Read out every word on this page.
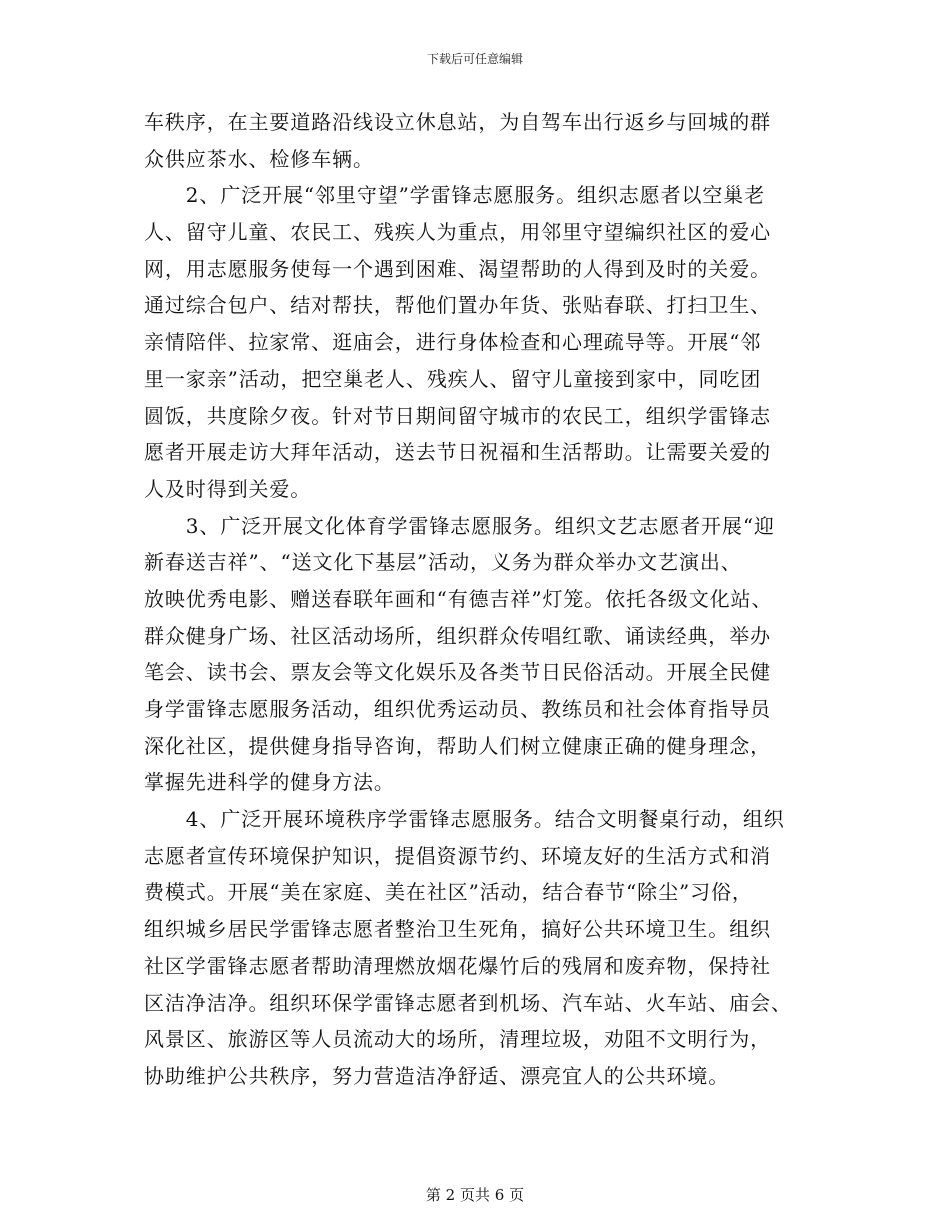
下载后可任意编辑
车秩序，在主要道路沿线设立休息站，为自驾车出行返乡与回城的群
众供应茶水、检修车辆。
　　2、广泛开展“邻里守望”学雷锋志愿服务。组织志愿者以空巢老
人、留守儿童、农民工、残疾人为重点，用邻里守望编织社区的爱心
网，用志愿服务使每一个遇到困难、渴望帮助的人得到及时的关爱。
通过综合包户、结对帮扶，帮他们置办年货、张贴春联、打扫卫生、
亲情陪伴、拉家常、逛庙会，进行身体检查和心理疏导等。开展“邻
里一家亲”活动，把空巢老人、残疾人、留守儿童接到家中，同吃团
圆饭，共度除夕夜。针对节日期间留守城市的农民工，组织学雷锋志
愿者开展走访大拜年活动，送去节日祝福和生活帮助。让需要关爱的
人及时得到关爱。
　　3、广泛开展文化体育学雷锋志愿服务。组织文艺志愿者开展“迎
新春送吉祥”、“送文化下基层”活动，义务为群众举办文艺演出、
放映优秀电影、赠送春联年画和“有德吉祥”灯笼。依托各级文化站、
群众健身广场、社区活动场所，组织群众传唱红歌、诵读经典，举办
笔会、读书会、票友会等文化娱乐及各类节日民俗活动。开展全民健
身学雷锋志愿服务活动，组织优秀运动员、教练员和社会体育指导员
深化社区，提供健身指导咨询，帮助人们树立健康正确的健身理念，
掌握先进科学的健身方法。
　　4、广泛开展环境秩序学雷锋志愿服务。结合文明餐桌行动，组织
志愿者宣传环境保护知识，提倡资源节约、环境友好的生活方式和消
费模式。开展“美在家庭、美在社区”活动，结合春节“除尘”习俗，
组织城乡居民学雷锋志愿者整治卫生死角，搞好公共环境卫生。组织
社区学雷锋志愿者帮助清理燃放烟花爆竹后的残屑和废弃物，保持社
区洁净洁净。组织环保学雷锋志愿者到机场、汽车站、火车站、庙会、
风景区、旅游区等人员流动大的场所，清理垃圾，劝阻不文明行为，
协助维护公共秩序，努力营造洁净舒适、漂亮宜人的公共环境。
第 2 页共 6 页
